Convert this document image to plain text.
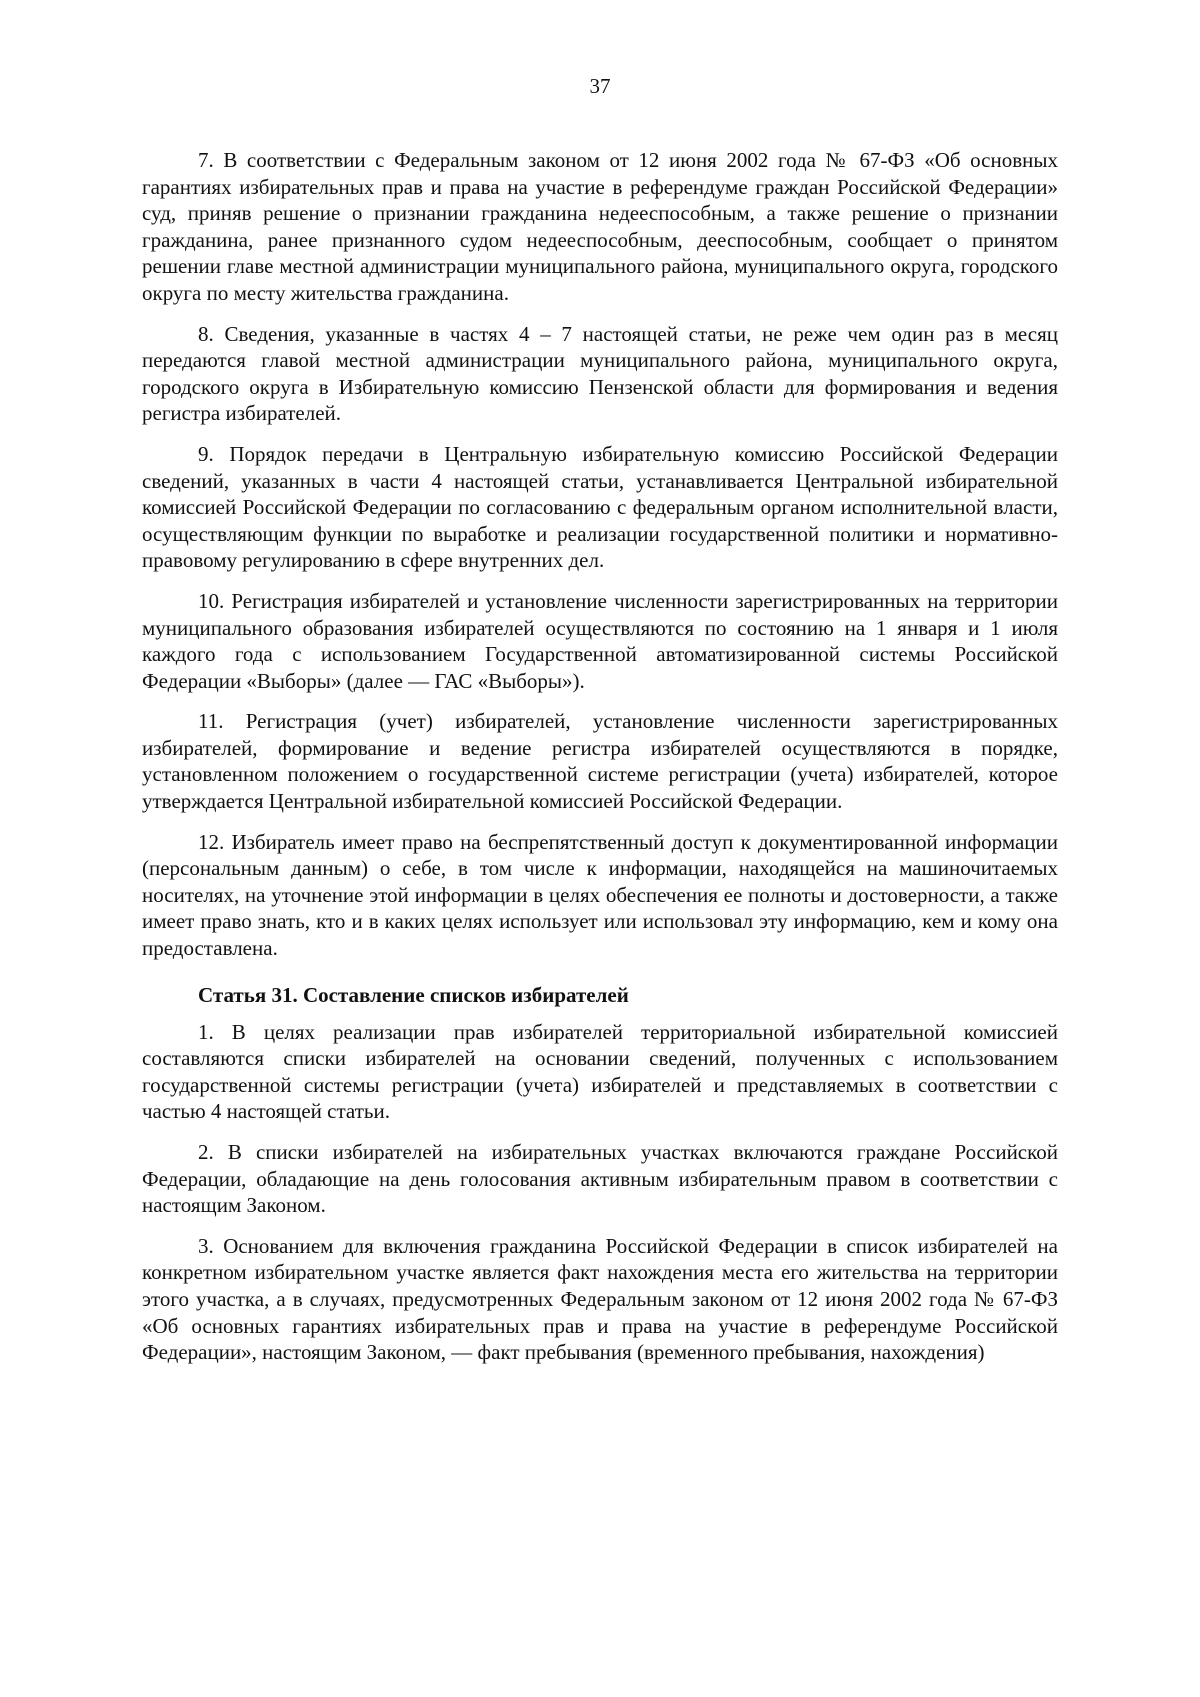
37

7. В соответствии с Федеральным законом от 12 июня 2002 года № 67-ФЗ «Об основных гарантиях избирательных прав и права на участие в референдуме граждан Российской Федерации» суд, приняв решение о признании гражданина недееспособным, а также решение о признании гражданина, ранее признанного судом недееспособным, дееспособным, сообщает о принятом решении главе местной администрации муниципального района, муниципального округа, городского округа по месту жительства гражданина.

8. Сведения, указанные в частях 4 – 7 настоящей статьи, не реже чем один раз в месяц передаются главой местной администрации муниципального района, муниципального округа, городского округа в Избирательную комиссию Пензенской области для формирования и ведения регистра избирателей.

9. Порядок передачи в Центральную избирательную комиссию Российской Федерации сведений, указанных в части 4 настоящей статьи, устанавливается Центральной избирательной комиссией Российской Федерации по согласованию с федеральным органом исполнительной власти, осуществляющим функции по выработке и реализации государственной политики и нормативно-правовому регулированию в сфере внутренних дел.

10. Регистрация избирателей и установление численности зарегистрированных на территории муниципального образования избирателей осуществляются по состоянию на 1 января и 1 июля каждого года с использованием Государственной автоматизированной системы Российской Федерации «Выборы» (далее — ГАС «Выборы»).

11. Регистрация (учет) избирателей, установление численности зарегистрированных избирателей, формирование и ведение регистра избирателей осуществляются в порядке, установленном положением о государственной системе регистрации (учета) избирателей, которое утверждается Центральной избирательной комиссией Российской Федерации.

12. Избиратель имеет право на беспрепятственный доступ к документированной информации (персональным данным) о себе, в том числе к информации, находящейся на машиночитаемых носителях, на уточнение этой информации в целях обеспечения ее полноты и достоверности, а также имеет право знать, кто и в каких целях использует или использовал эту информацию, кем и кому она предоставлена.

Статья 31. Составление списков избирателей

1. В целях реализации прав избирателей территориальной избирательной комиссией составляются списки избирателей на основании сведений, полученных с использованием государственной системы регистрации (учета) избирателей и представляемых в соответствии с частью 4 настоящей статьи.

2. В списки избирателей на избирательных участках включаются граждане Российской Федерации, обладающие на день голосования активным избирательным правом в соответствии с настоящим Законом.

3. Основанием для включения гражданина Российской Федерации в список избирателей на конкретном избирательном участке является факт нахождения места его жительства на территории этого участка, а в случаях, предусмотренных Федеральным законом от 12 июня 2002 года № 67-ФЗ «Об основных гарантиях избирательных прав и права на участие в референдуме Российской Федерации», настоящим Законом, — факт пребывания (временного пребывания, нахождения)
